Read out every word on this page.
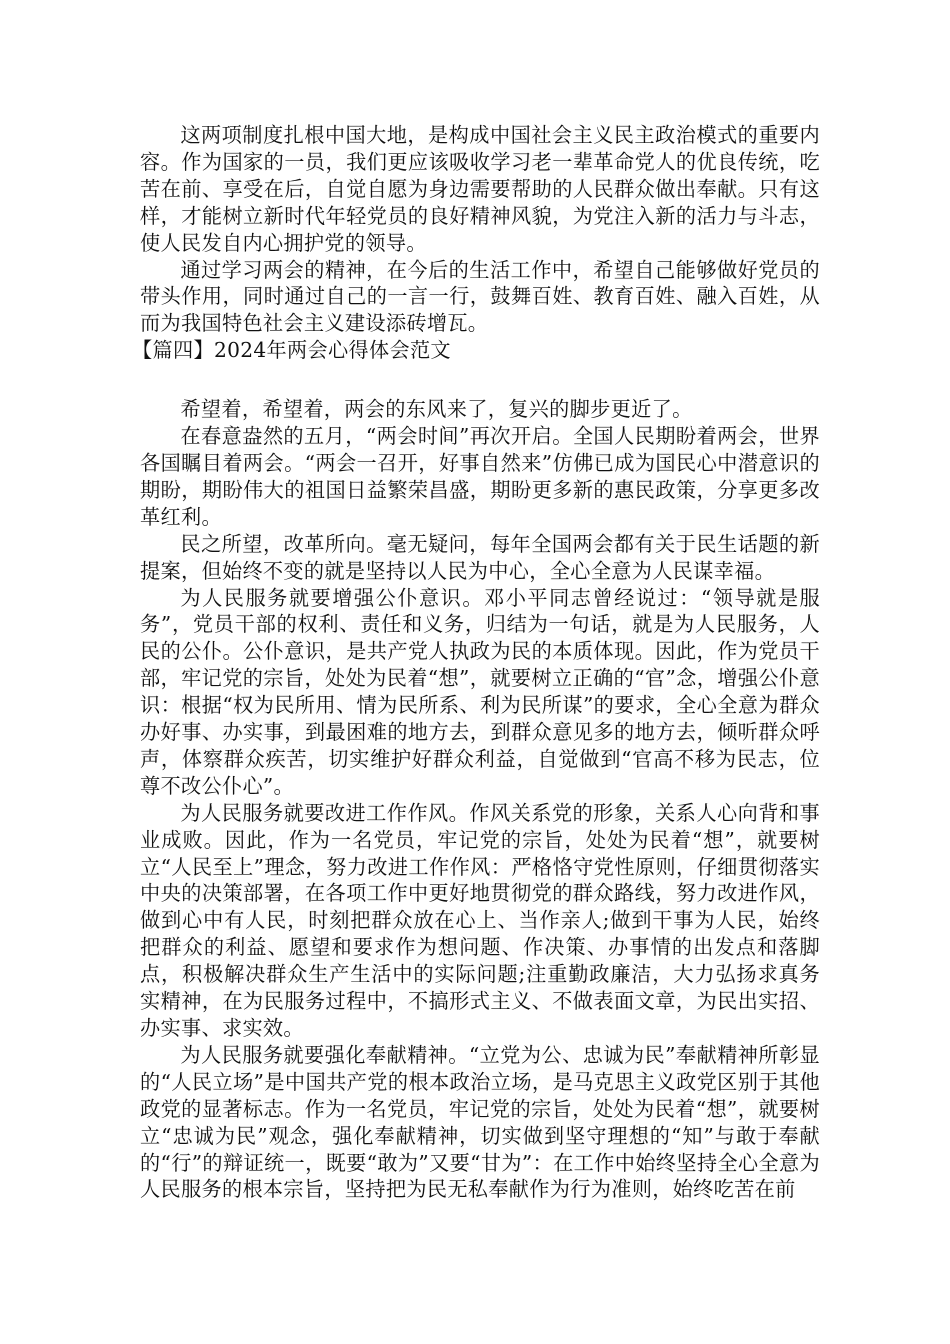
这两项制度扎根中国大地，是构成中国社会主义民主政治模式的重要内容。作为国家的一员，我们更应该吸收学习老一辈革命党人的优良传统，吃苦在前、享受在后，自觉自愿为身边需要帮助的人民群众做出奉献。只有这样，才能树立新时代年轻党员的良好精神风貌，为党注入新的活力与斗志，使人民发自内心拥护党的领导。

通过学习两会的精神，在今后的生活工作中，希望自己能够做好党员的带头作用，同时通过自己的一言一行，鼓舞百姓、教育百姓、融入百姓，从而为我国特色社会主义建设添砖增瓦。

【篇四】2024年两会心得体会范文

希望着，希望着，两会的东风来了，复兴的脚步更近了。

在春意盎然的五月，“两会时间”再次开启。全国人民期盼着两会，世界各国瞩目着两会。“两会一召开，好事自然来”仿佛已成为国民心中潜意识的期盼，期盼伟大的祖国日益繁荣昌盛，期盼更多新的惠民政策，分享更多改革红利。

民之所望，改革所向。毫无疑问，每年全国两会都有关于民生话题的新提案，但始终不变的就是坚持以人民为中心，全心全意为人民谋幸福。

为人民服务就要增强公仆意识。邓小平同志曾经说过：“领导就是服务”，党员干部的权利、责任和义务，归结为一句话，就是为人民服务，人民的公仆。公仆意识，是共产党人执政为民的本质体现。因此，作为党员干部，牢记党的宗旨，处处为民着“想”，就要树立正确的“官”念，增强公仆意识：根据“权为民所用、情为民所系、利为民所谋”的要求，全心全意为群众办好事、办实事，到最困难的地方去，到群众意见多的地方去，倾听群众呼声，体察群众疾苦，切实维护好群众利益，自觉做到“官高不移为民志，位尊不改公仆心”。

为人民服务就要改进工作作风。作风关系党的形象，关系人心向背和事业成败。因此，作为一名党员，牢记党的宗旨，处处为民着“想”，就要树立“人民至上”理念，努力改进工作作风：严格恪守党性原则，仔细贯彻落实中央的决策部署，在各项工作中更好地贯彻党的群众路线，努力改进作风，做到心中有人民，时刻把群众放在心上、当作亲人;做到干事为人民，始终把群众的利益、愿望和要求作为想问题、作决策、办事情的出发点和落脚点，积极解决群众生产生活中的实际问题;注重勤政廉洁，大力弘扬求真务实精神，在为民服务过程中，不搞形式主义、不做表面文章，为民出实招、办实事、求实效。

为人民服务就要强化奉献精神。“立党为公、忠诚为民”奉献精神所彰显的“人民立场”是中国共产党的根本政治立场，是马克思主义政党区别于其他政党的显著标志。作为一名党员，牢记党的宗旨，处处为民着“想”，就要树立“忠诚为民”观念，强化奉献精神，切实做到坚守理想的“知”与敢于奉献的“行”的辩证统一，既要“敢为”又要“甘为”：在工作中始终坚持全心全意为人民服务的根本宗旨，坚持把为民无私奉献作为行为准则，始终吃苦在前
